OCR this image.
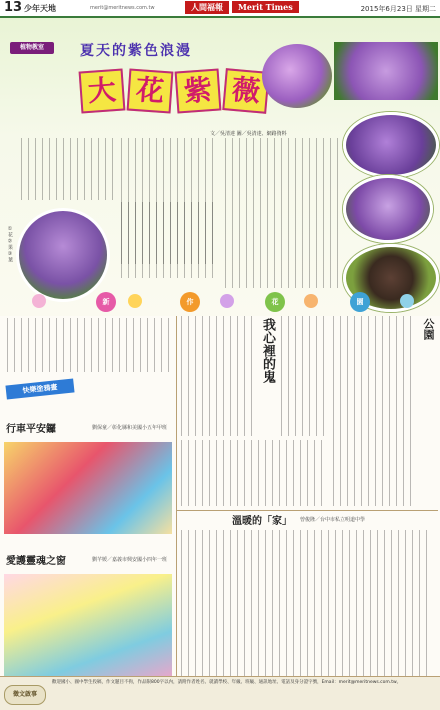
13 少年天地	merit@meritnews.com.tw	人間福報	Merit Times	2015年6月23日 星期二
植物教室	夏天的紫色浪漫
大 花 紫 薇
文／吳清達 圖／吳清達、網路資料
①花 ②果 ③葉
新	作	花	園
公園
我心裡的鬼
快樂塗鴉畫
行車平安鑼	劉保童／彰化縣和美國小五年甲班
愛護靈魂之窗	劉芊媛／嘉義市興安國小四年一班
溫暖的「家」 曾俊隆／台中市私立明道中學
徵文啟事
歡迎國小、國中學生投稿，作文題目不拘，作品限800字以內，請附作者姓名、就讀學校、年級、班級、通訊地址、電話及身分證字號，Email：merit@meritnews.com.tw。
